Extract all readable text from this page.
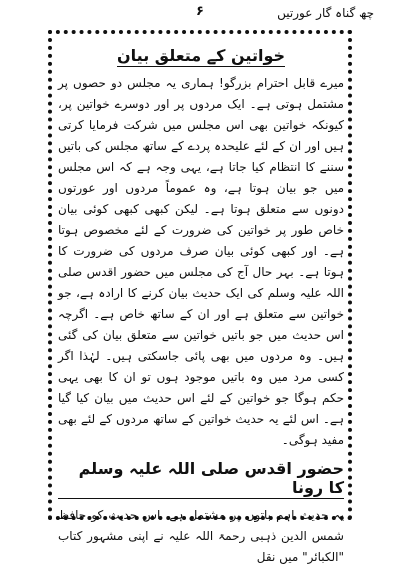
چھ گناہ گار عورتیں
۶
خواتین کے متعلق بیان

میرے قابل احترام بزرگو! ہماری یہ مجلس دو حصوں پر مشتمل ہوتی ہے۔ ایک مردوں پر اور دوسرے خواتین پر، کیونکہ خواتین بھی اس مجلس میں شرکت فرمایا کرتی ہیں اور ان کے لئے علیحدہ پردے کے ساتھ مجلس کی باتیں سننے کا انتظام کیا جاتا ہے، یہی وجہ ہے کہ اس مجلس میں جو بیان ہوتا ہے، وہ عموماً مردوں اور عورتوں دونوں سے متعلق ہوتا ہے۔ لیکن کبھی کبھی کوئی بیان خاص طور پر خواتین کی ضرورت کے لئے مخصوص ہوتا ہے۔ اور کبھی کوئی بیان صرف مردوں کی ضرورت کا ہوتا ہے۔ بہر حال آج کی مجلس میں حضور اقدس صلی اللہ علیہ وسلم کی ایک حدیث بیان کرنے کا ارادہ ہے، جو خواتین سے متعلق ہے اور ان کے ساتھ خاص ہے۔ اگرچہ اس حدیث میں جو باتیں خواتین سے متعلق بیان کی گئی ہیں۔ وہ مردوں میں بھی پائی جاسکتی ہیں۔ لہٰذا اگر کسی مرد میں وہ باتیں موجود ہوں تو ان کا بھی یہی حکم ہوگا جو خواتین کے لئے اس حدیث میں بیان کیا گیا ہے۔ اس لئے یہ حدیث خواتین کے ساتھ مردوں کے لئے بھی مفید ہوگی۔

حضور اقدس صلی اللہ علیہ وسلم کا رونا

یہ حدیث اہم باتوں پر مشتمل ہے، اس حدیث کو حافظ شمس الدین ذہبی رحمۃ اللہ علیہ نے اپنی مشہور کتاب "الکبائر" میں نقل
